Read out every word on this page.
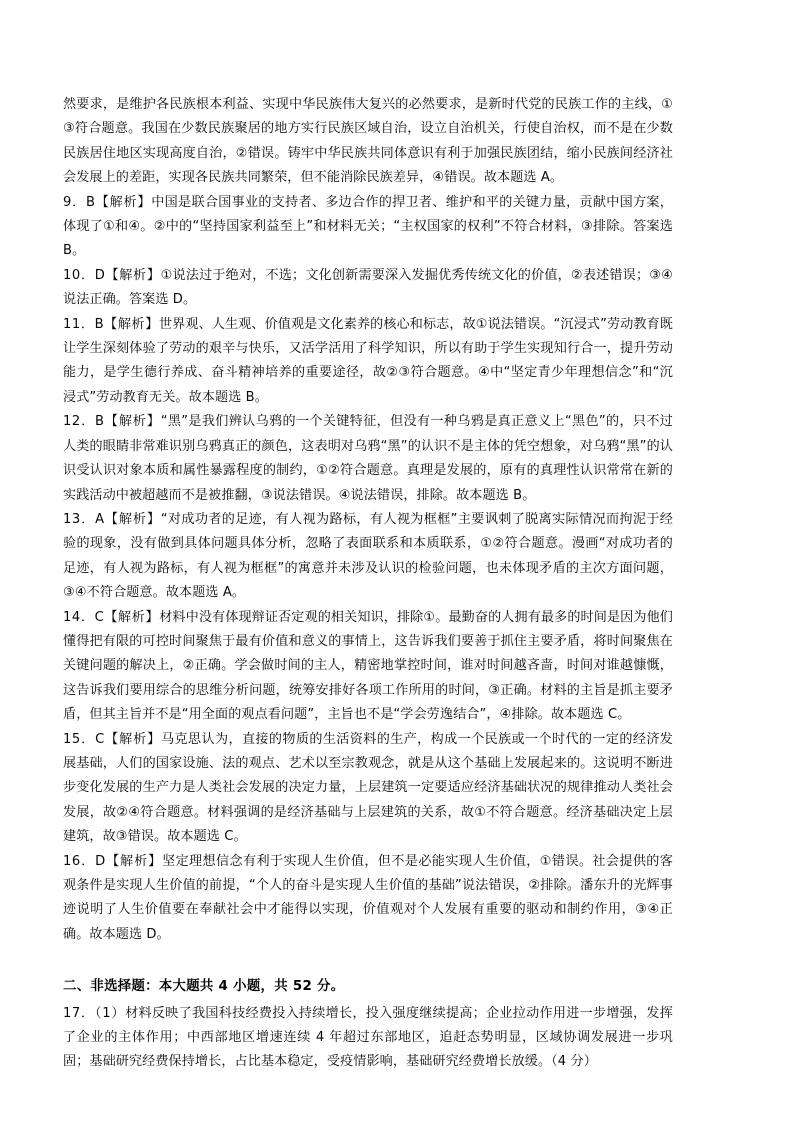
然要求，是维护各民族根本利益、实现中华民族伟大复兴的必然要求，是新时代党的民族工作的主线，①③符合题意。我国在少数民族聚居的地方实行民族区域自治，设立自治机关，行使自治权，而不是在少数民族居住地区实现高度自治，②错误。铸牢中华民族共同体意识有利于加强民族团结，缩小民族间经济社会发展上的差距，实现各民族共同繁荣，但不能消除民族差异，④错误。故本题选 A。

9．B【解析】中国是联合国事业的支持者、多边合作的捍卫者、维护和平的关键力量，贡献中国方案，体现了①和④。②中的“坚持国家利益至上”和材料无关；“主权国家的权利”不符合材料，③排除。答案选 B。

10．D【解析】①说法过于绝对，不选；文化创新需要深入发掘优秀传统文化的价值，②表述错误；③④说法正确。答案选 D。

11．B【解析】世界观、人生观、价值观是文化素养的核心和标志，故①说法错误。“沉浸式”劳动教育既让学生深刻体验了劳动的艰辛与快乐，又活学活用了科学知识，所以有助于学生实现知行合一，提升劳动能力，是学生德行养成、奋斗精神培养的重要途径，故②③符合题意。④中“坚定青少年理想信念”和“沉浸式”劳动教育无关。故本题选 B。

12．B【解析】“黑”是我们辨认乌鸦的一个关键特征，但没有一种乌鸦是真正意义上“黑色”的，只不过人类的眼睛非常难识别乌鸦真正的颜色，这表明对乌鸦“黑”的认识不是主体的凭空想象，对乌鸦“黑”的认识受认识对象本质和属性暴露程度的制约，①②符合题意。真理是发展的，原有的真理性认识常常在新的实践活动中被超越而不是被推翻，③说法错误。④说法错误，排除。故本题选 B。

13．A【解析】“对成功者的足迹，有人视为路标，有人视为框框”主要讽刺了脱离实际情况而拘泥于经验的现象，没有做到具体问题具体分析，忽略了表面联系和本质联系，①②符合题意。漫画“对成功者的足迹，有人视为路标，有人视为框框”的寓意并未涉及认识的检验问题，也未体现矛盾的主次方面问题，③④不符合题意。故本题选 A。

14．C【解析】材料中没有体现辩证否定观的相关知识，排除①。最勤奋的人拥有最多的时间是因为他们懂得把有限的可控时间聚焦于最有价值和意义的事情上，这告诉我们要善于抓住主要矛盾，将时间聚焦在关键问题的解决上，②正确。学会做时间的主人，精密地掌控时间，谁对时间越吝啬，时间对谁越慷慨，这告诉我们要用综合的思维分析问题，统筹安排好各项工作所用的时间，③正确。材料的主旨是抓主要矛盾，但其主旨并不是“用全面的观点看问题”，主旨也不是“学会劳逸结合”，④排除。故本题选 C。

15．C【解析】马克思认为，直接的物质的生活资料的生产，构成一个民族或一个时代的一定的经济发展基础，人们的国家设施、法的观点、艺术以至宗教观念，就是从这个基础上发展起来的。这说明不断进步变化发展的生产力是人类社会发展的决定力量，上层建筑一定要适应经济基础状况的规律推动人类社会发展，故②④符合题意。材料强调的是经济基础与上层建筑的关系，故①不符合题意。经济基础决定上层建筑，故③错误。故本题选 C。

16．D【解析】坚定理想信念有利于实现人生价值，但不是必能实现人生价值，①错误。社会提供的客观条件是实现人生价值的前提，“个人的奋斗是实现人生价值的基础”说法错误，②排除。潘东升的光辉事迹说明了人生价值要在奉献社会中才能得以实现，价值观对个人发展有重要的驱动和制约作用，③④正确。故本题选 D。

二、非选择题：本大题共 4 小题，共 52 分。

17．（1）材料反映了我国科技经费投入持续增长，投入强度继续提高；企业拉动作用进一步增强，发挥了企业的主体作用；中西部地区增速连续 4 年超过东部地区，追赶态势明显，区域协调发展进一步巩固；基础研究经费保持增长，占比基本稳定，受疫情影响，基础研究经费增长放缓。（4 分）
